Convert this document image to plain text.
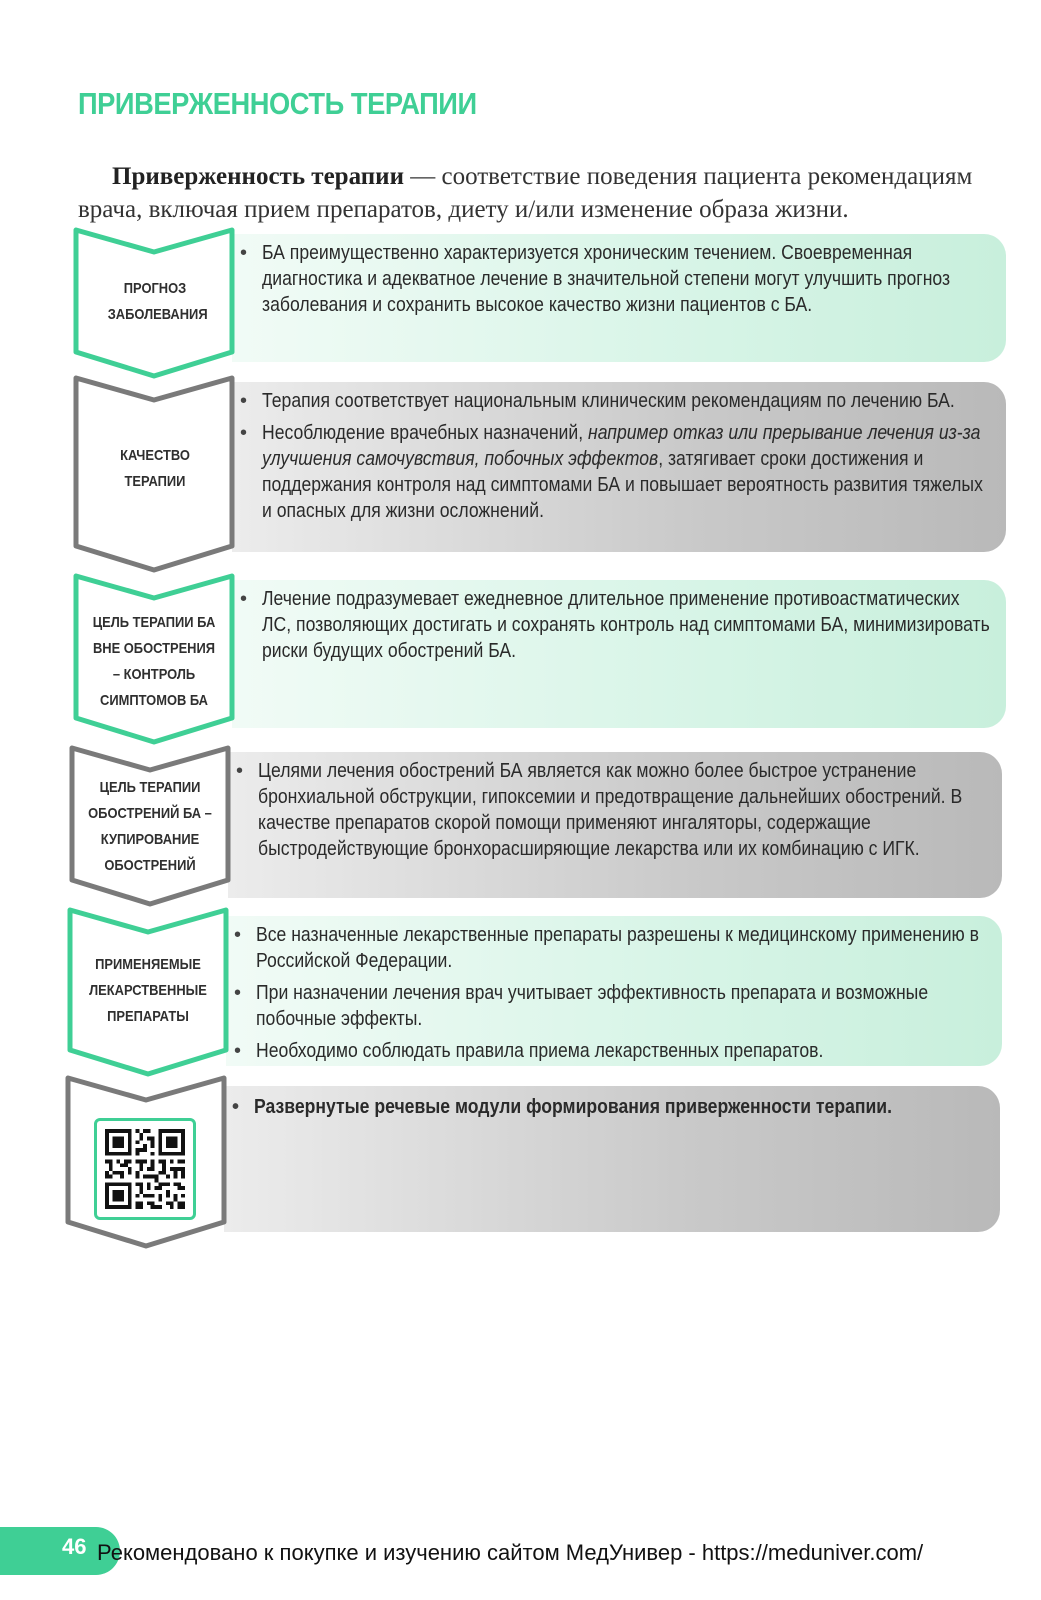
ПРИВЕРЖЕННОСТЬ ТЕРАПИИ

Приверженность терапии — соответствие поведения пациента рекомендациям врача, включая прием препаратов, диету и/или изменение образа жизни.

• БА преимущественно характеризуется хроническим течением. Своевременная диагностика и адекватное лечение в значительной степени могут улучшить прогноз заболевания и сохранить высокое качество жизни пациентов с БА.
ПРОГНОЗ ЗАБОЛЕВАНИЯ
• Терапия соответствует национальным клиническим рекомендациям по лечению БА.
• Несоблюдение врачебных назначений, например отказ или прерывание лечения из-за улучшения самочувствия, побочных эффектов, затягивает сроки достижения и поддержания контроля над симптомами БА и повышает вероятность развития тяжелых и опасных для жизни осложнений.
КАЧЕСТВО ТЕРАПИИ
• Лечение подразумевает ежедневное длительное применение противоастматических ЛС, позволяющих достигать и сохранять контроль над симптомами БА, минимизировать риски будущих обострений БА.
ЦЕЛЬ ТЕРАПИИ БА ВНЕ ОБОСТРЕНИЯ – КОНТРОЛЬ СИМПТОМОВ БА
• Целями лечения обострений БА является как можно более быстрое устранение бронхиальной обструкции, гипоксемии и предотвращение дальнейших обострений. В качестве препаратов скорой помощи применяют ингаляторы, содержащие быстродействующие бронхорасширяющие лекарства или их комбинацию с ИГК.
ЦЕЛЬ ТЕРАПИИ ОБОСТРЕНИЙ БА – КУПИРОВАНИЕ ОБОСТРЕНИЙ
• Все назначенные лекарственные препараты разрешены к медицинскому применению в Российской Федерации.
• При назначении лечения врач учитывает эффективность препарата и возможные побочные эффекты.
• Необходимо соблюдать правила приема лекарственных препаратов.
ПРИМЕНЯЕМЫЕ ЛЕКАРСТВЕННЫЕ ПРЕПАРАТЫ
• Развернутые речевые модули формирования приверженности терапии.
46 Рекомендовано к покупке и изучению сайтом МедУнивер - https://meduniver.com/
